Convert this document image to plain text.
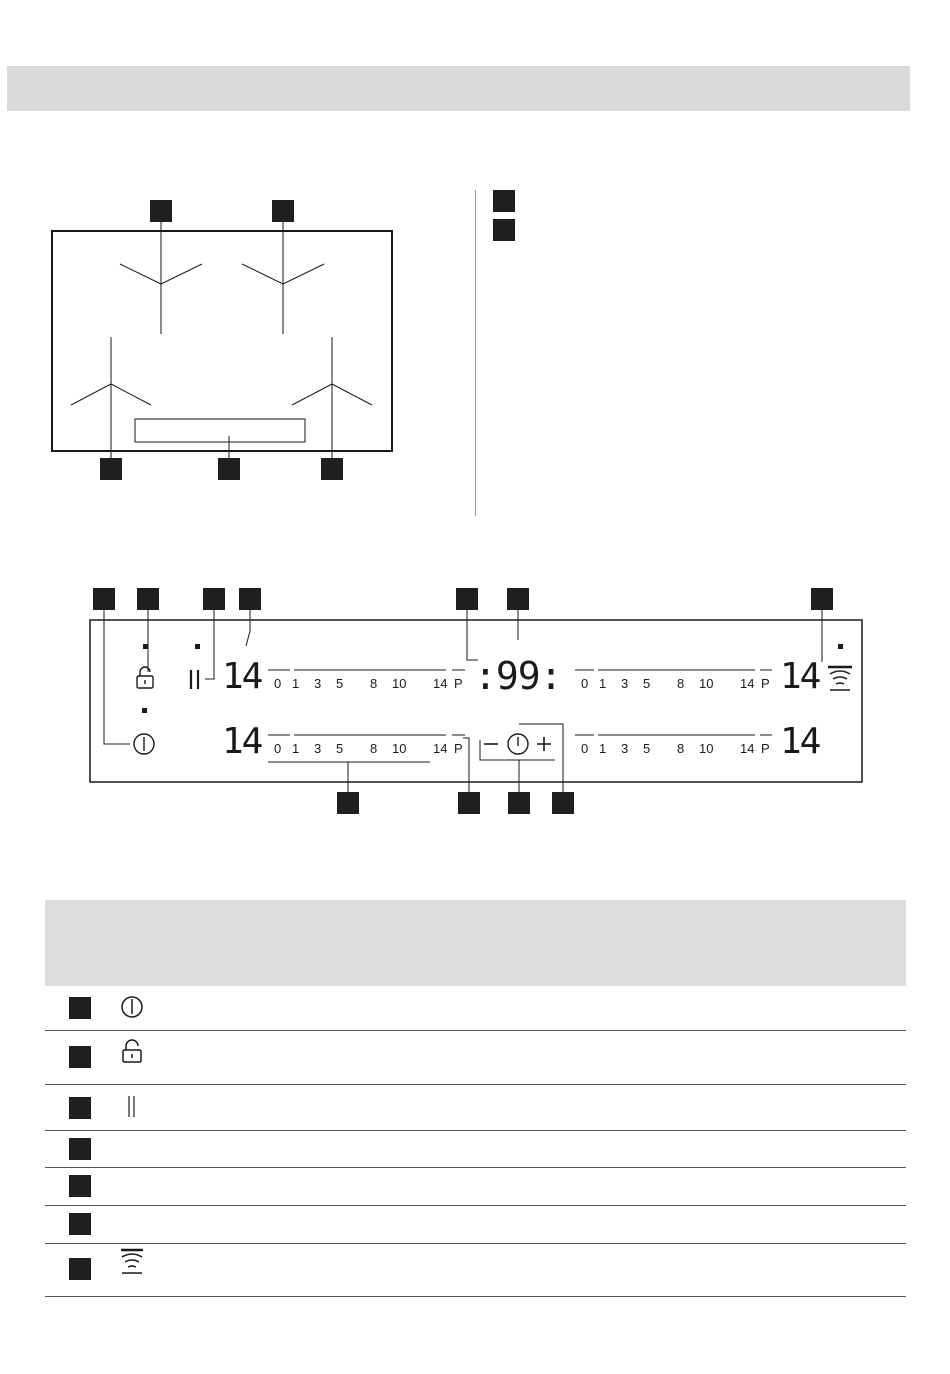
14
14
14
14
:99:
0 1 3 5 8 10 14 P	0 1 3 5 8 10 14 P
0 1 3 5 8 10 14 P	0 1 3 5 8 10 14 P
